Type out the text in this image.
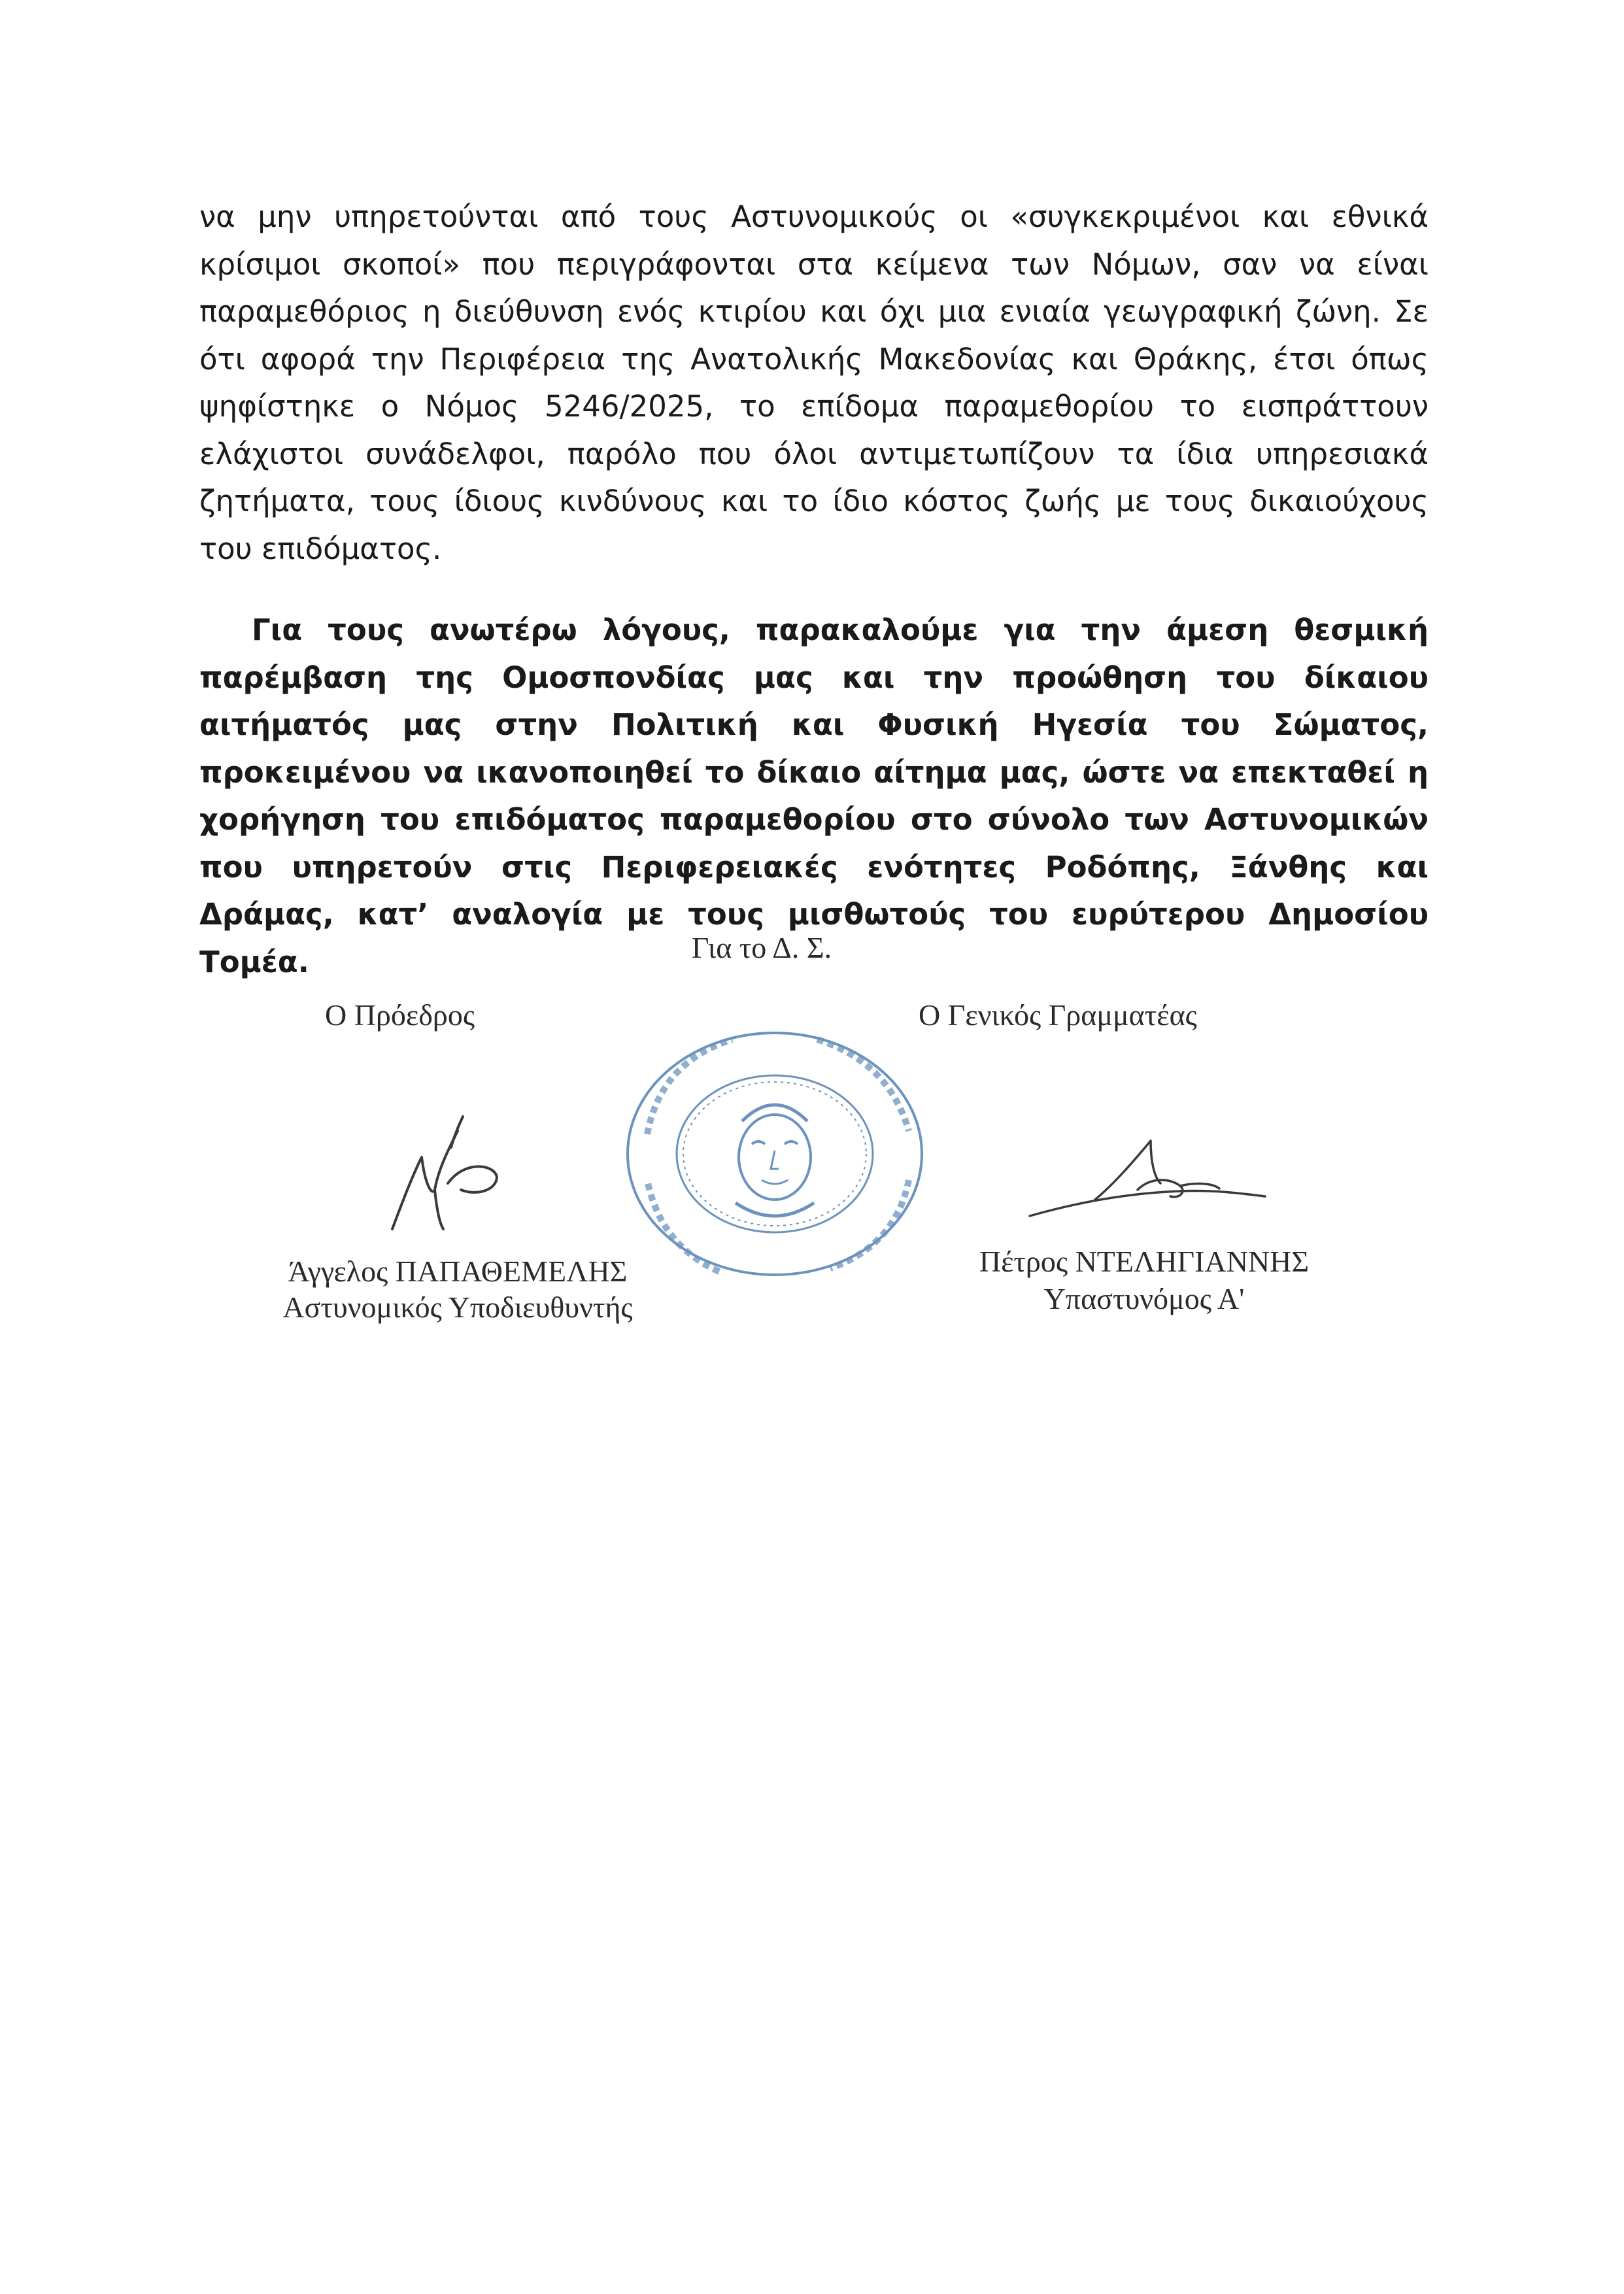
να μην υπηρετούνται από τους Αστυνομικούς οι «συγκεκριμένοι και εθνικά κρίσιμοι σκοποί» που περιγράφονται στα κείμενα των Νόμων, σαν να είναι παραμεθόριος η διεύθυνση ενός κτιρίου και όχι μια ενιαία γεωγραφική ζώνη. Σε ότι αφορά την Περιφέρεια της Ανατολικής Μακεδονίας και Θράκης, έτσι όπως ψηφίστηκε ο Νόμος 5246/2025, το επίδομα παραμεθορίου το εισπράττουν ελάχιστοι συνάδελφοι, παρόλο που όλοι αντιμετωπίζουν τα ίδια υπηρεσιακά ζητήματα, τους ίδιους κινδύνους και το ίδιο κόστος ζωής με τους δικαιούχους του επιδόματος.

Για τους ανωτέρω λόγους, παρακαλούμε για την άμεση θεσμική παρέμβαση της Ομοσπονδίας μας και την προώθηση του δίκαιου αιτήματός μας στην Πολιτική και Φυσική Ηγεσία του Σώματος, προκειμένου να ικανοποιηθεί το δίκαιο αίτημα μας, ώστε να επεκταθεί η χορήγηση του επιδόματος παραμεθορίου στο σύνολο των Αστυνομικών που υπηρετούν στις Περιφερειακές ενότητες Ροδόπης, Ξάνθης και Δράμας, κατ’ αναλογία με τους μισθωτούς του ευρύτερου Δημοσίου Τομέα.	Για το Δ. Σ.
Ο Πρόεδρος	Ο Γενικός Γραμματέας
Άγγελος ΠΑΠΑΘΕΜΕΛΗΣ
Αστυνομικός Υποδιευθυντής
Πέτρος ΝΤΕΛΗΓΙΑΝΝΗΣ
Υπαστυνόμος Α'
